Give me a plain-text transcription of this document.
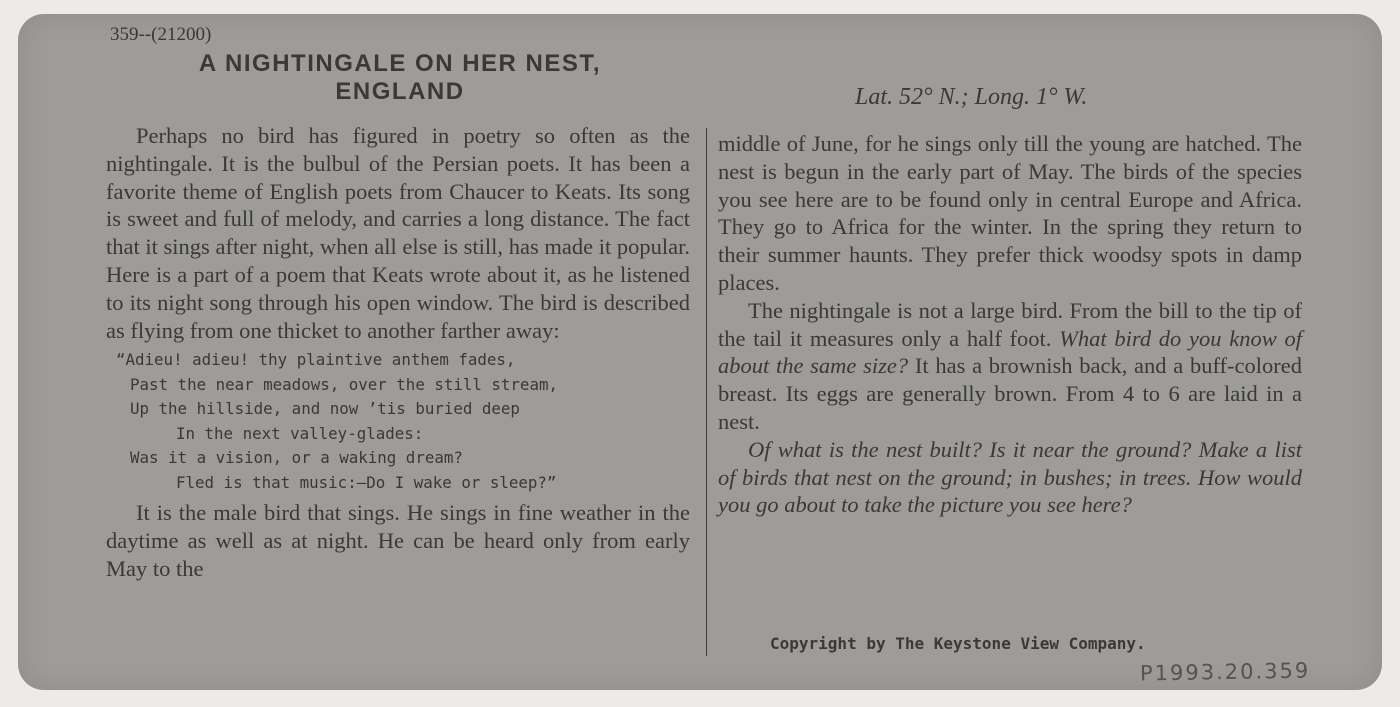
359--(21200)
A NIGHTINGALE ON HER NEST,
ENGLAND	Lat. 52° N.; Long. 1° W.

Perhaps no bird has figured in poetry so often as the nightingale. It is the bulbul of the Persian poets. It has been a favorite theme of English poets from Chaucer to Keats. Its song is sweet and full of melody, and carries a long distance. The fact that it sings after night, when all else is still, has made it popular. Here is a part of a poem that Keats wrote about it, as he listened to its night song through his open window. The bird is described as flying from one thicket to another farther away:

“Adieu! adieu! thy plaintive anthem fades,
Past the near meadows, over the still stream,
Up the hillside, and now ’tis buried deep
In the next valley-glades:
Was it a vision, or a waking dream?
Fled is that music:—Do I wake or sleep?”

It is the male bird that sings. He sings in fine weather in the daytime as well as at night. He can be heard only from early May to the

middle of June, for he sings only till the young are hatched. The nest is begun in the early part of May. The birds of the species you see here are to be found only in central Europe and Africa. They go to Africa for the winter. In the spring they return to their summer haunts. They prefer thick woodsy spots in damp places.

The nightingale is not a large bird. From the bill to the tip of the tail it measures only a half foot. What bird do you know of about the same size? It has a brownish back, and a buff-colored breast. Its eggs are generally brown. From 4 to 6 are laid in a nest.

Of what is the nest built? Is it near the ground? Make a list of birds that nest on the ground; in bushes; in trees. How would you go about to take the picture you see here?

Copyright by The Keystone View Company.
P1993.20.359
